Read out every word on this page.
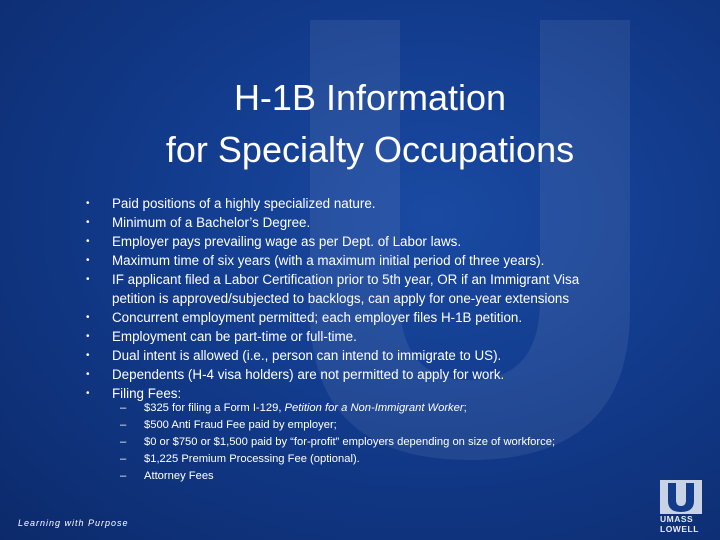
H-1B Information
for Specialty Occupations
• Paid positions of a highly specialized nature.
• Minimum of a Bachelor’s Degree.
• Employer pays prevailing wage as per Dept. of Labor laws.
• Maximum time of six years (with a maximum initial period of three years).
• IF applicant filed a Labor Certification prior to 5th year, OR if an Immigrant Visa
petition is approved/subjected to backlogs, can apply for one-year extensions
• Concurrent employment permitted; each employer files H-1B petition.
• Employment can be part-time or full-time.
• Dual intent is allowed (i.e., person can intend to immigrate to US).
• Dependents (H-4 visa holders) are not permitted to apply for work.
• Filing Fees:
– $325 for filing a Form I-129, Petition for a Non-Immigrant Worker;
– $500 Anti Fraud Fee paid by employer;
– $0 or $750 or $1,500 paid by “for-profit” employers depending on size of workforce;
– $1,225 Premium Processing Fee (optional).
– Attorney Fees
Learning with Purpose	UMASS
LOWELL
